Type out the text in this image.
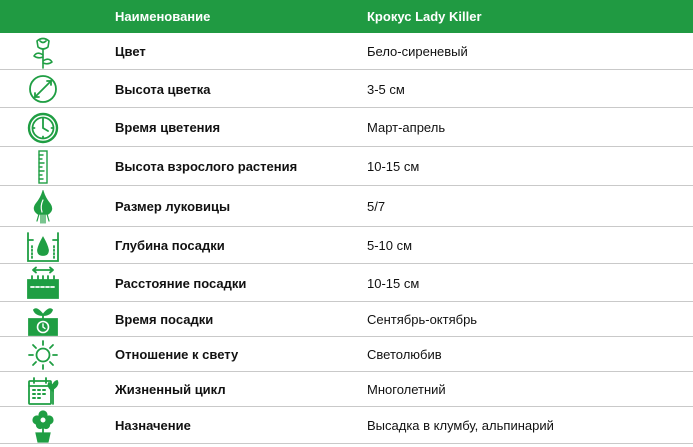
Наименование	Крокус Lady Killer
Цвет	Бело-сиреневый
Высота цветка	3-5 см
Время цветения	Март-апрель
Высота взрослого растения	10-15 см
Размер луковицы	5/7
Глубина посадки	5-10 см
Расстояние посадки	10-15 см
Время посадки	Сентябрь-октябрь
Отношение к свету	Светолюбив
Жизненный цикл	Многолетний
Назначение	Высадка в клумбу, альпинарий
